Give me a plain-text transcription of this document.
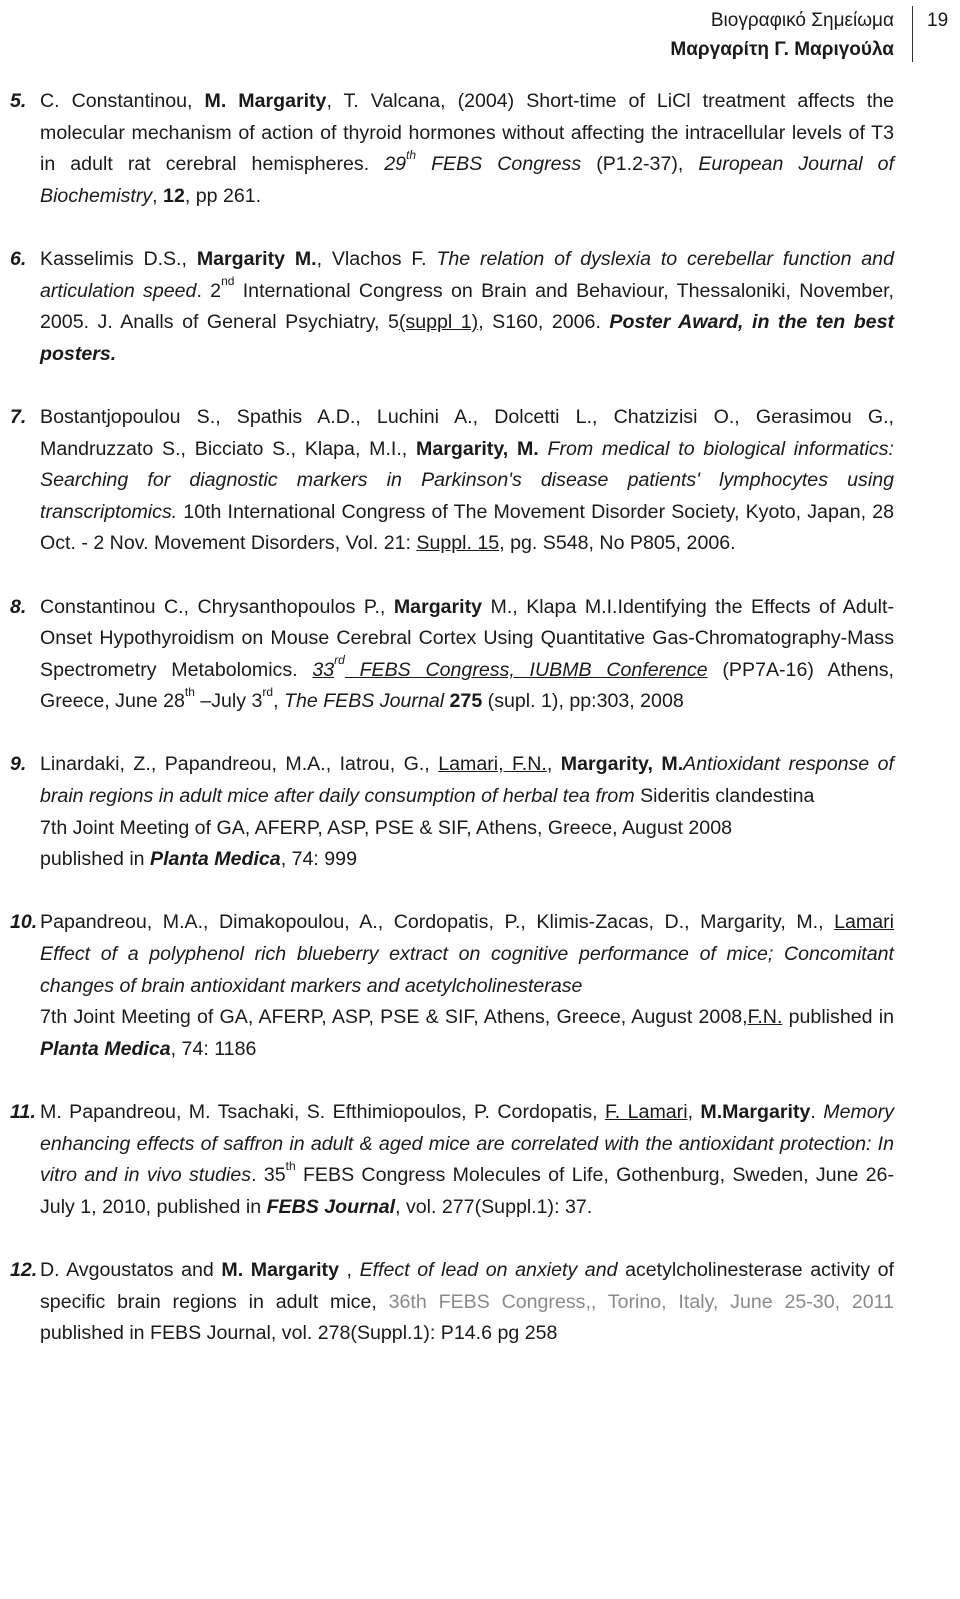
Βιογραφικό Σημείωμα
Μαργαρίτη Γ. Μαριγούλα
19
5. C. Constantinou, M. Margarity, T. Valcana, (2004) Short-time of LiCl treatment affects the molecular mechanism of action of thyroid hormones without affecting the intracellular levels of T3 in adult rat cerebral hemispheres. 29th FEBS Congress (P1.2-37), European Journal of Biochemistry, 12, pp 261.
6. Kasselimis D.S., Margarity M., Vlachos F. The relation of dyslexia to cerebellar function and articulation speed. 2nd International Congress on Brain and Behaviour, Thessaloniki, November, 2005. J. Analls of General Psychiatry, 5(suppl 1), S160, 2006. Poster Award, in the ten best posters.
7. Bostantjopoulou S., Spathis A.D., Luchini A., Dolcetti L., Chatzizisi O., Gerasimou G., Mandruzzato S., Bicciato S., Klapa, M.I., Margarity, M. From medical to biological informatics: Searching for diagnostic markers in Parkinson's disease patients' lymphocytes using transcriptomics. 10th International Congress of The Movement Disorder Society, Kyoto, Japan, 28 Oct. - 2 Nov. Movement Disorders, Vol. 21: Suppl. 15, pg. S548, No P805, 2006.
8. Constantinou C., Chrysanthopoulos P., Margarity M., Klapa M.I.Identifying the Effects of Adult-Onset Hypothyroidism on Mouse Cerebral Cortex Using Quantitative Gas-Chromatography-Mass Spectrometry Metabolomics. 33rd FEBS Congress, IUBMB Conference (PP7A-16) Athens, Greece, June 28th –July 3rd, The FEBS Journal 275 (supl. 1), pp:303, 2008
9. Linardaki, Z., Papandreou, M.A., Iatrou, G., Lamari, F.N., Margarity, M.Antioxidant response of brain regions in adult mice after daily consumption of herbal tea from Sideritis clandestina
7th Joint Meeting of GA, AFERP, ASP, PSE & SIF, Athens, Greece, August 2008
published in Planta Medica, 74: 999
10. Papandreou, M.A., Dimakopoulou, A., Cordopatis, P., Klimis-Zacas, D., Margarity, M., Lamari Effect of a polyphenol rich blueberry extract on cognitive performance of mice; Concomitant changes of brain antioxidant markers and acetylcholinesterase
7th Joint Meeting of GA, AFERP, ASP, PSE & SIF, Athens, Greece, August 2008,F.N. published in Planta Medica, 74: 1186
11. M. Papandreou, M. Tsachaki, S. Efthimiopoulos, P. Cordopatis, F. Lamari, M.Margarity. Memory enhancing effects of saffron in adult & aged mice are correlated with the antioxidant protection: In vitro and in vivo studies. 35th FEBS Congress Molecules of Life, Gothenburg, Sweden, June 26-July 1, 2010, published in FEBS Journal, vol. 277(Suppl.1): 37.
12. D. Avgoustatos and M. Margarity , Effect of lead on anxiety and acetylcholinesterase activity of specific brain regions in adult mice, 36th FEBS Congress,, Torino, Italy, June 25-30, 2011 published in FEBS Journal, vol. 278(Suppl.1): P14.6 pg 258
